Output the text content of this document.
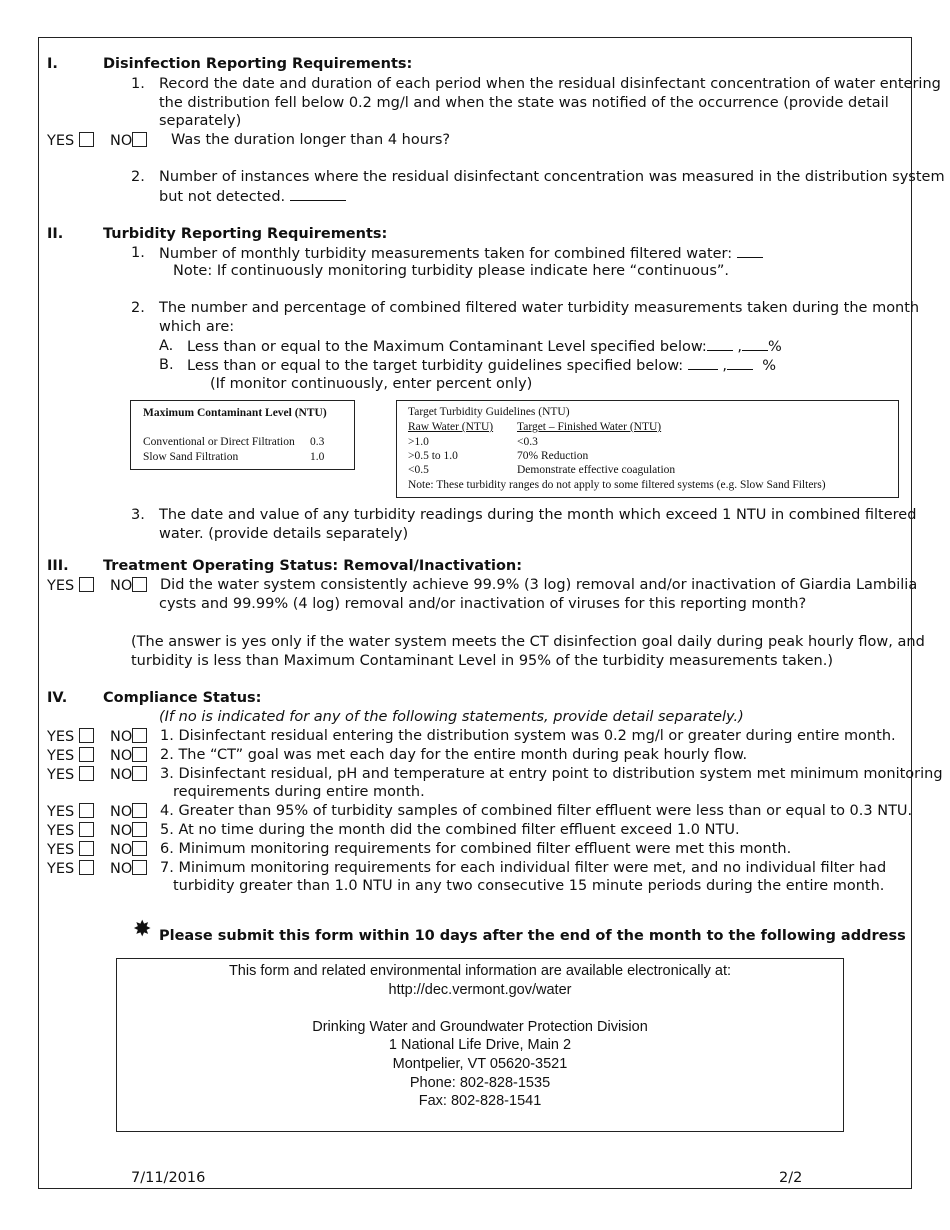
I.	Disinfection Reporting Requirements:
1. Record the date and duration of each period when the residual disinfectant concentration of water entering
the distribution fell below 0.2 mg/l and when the state was notified of the occurrence (provide detail
separately)
YES	NO	Was the duration longer than 4 hours?
2. Number of instances where the residual disinfectant concentration was measured in the distribution system
but not detected.
II.	Turbidity Reporting Requirements:
1. Number of monthly turbidity measurements taken for combined filtered water:
Note: If continuously monitoring turbidity please indicate here “continuous”.
2. The number and percentage of combined filtered water turbidity measurements taken during the month
which are:
A. Less than or equal to the Maximum Contaminant Level specified below: , %
B. Less than or equal to the target turbidity guidelines specified below:	, %
(If monitor continuously, enter percent only)
Maximum Contaminant Level (NTU)
Conventional or Direct Filtration 0.3
Slow Sand Filtration	1.0
Target Turbidity Guidelines (NTU)
Raw Water (NTU) Target – Finished Water (NTU)
>1.0	<0.3
>0.5 to 1.0	70% Reduction
<0.5	Demonstrate effective coagulation
Note: These turbidity ranges do not apply to some filtered systems (e.g. Slow Sand Filters)
3. The date and value of any turbidity readings during the month which exceed 1 NTU in combined filtered
water. (provide details separately)
III. Treatment Operating Status: Removal/Inactivation:
YES	NO	Did the water system consistently achieve 99.9% (3 log) removal and/or inactivation of Giardia Lambilia
cysts and 99.99% (4 log) removal and/or inactivation of viruses for this reporting month?
(The answer is yes only if the water system meets the CT disinfection goal daily during peak hourly flow, and
turbidity is less than Maximum Contaminant Level in 95% of the turbidity measurements taken.)
IV. Compliance Status:
(If no is indicated for any of the following statements, provide detail separately.)
YES	NO	1. Disinfectant residual entering the distribution system was 0.2 mg/l or greater during entire month.
YES	NO	2. The “CT” goal was met each day for the entire month during peak hourly flow.
YES	NO	3. Disinfectant residual, pH and temperature at entry point to distribution system met minimum monitoring
requirements during entire month.
YES	NO	4. Greater than 95% of turbidity samples of combined filter effluent were less than or equal to 0.3 NTU.
YES	NO	5. At no time during the month did the combined filter effluent exceed 1.0 NTU.
YES	NO	6. Minimum monitoring requirements for combined filter effluent were met this month.
YES	NO	7. Minimum monitoring requirements for each individual filter were met, and no individual filter had
turbidity greater than 1.0 NTU in any two consecutive 15 minute periods during the entire month.
✸ Please submit this form within 10 days after the end of the month to the following address
This form and related environmental information are available electronically at:
http://dec.vermont.gov/water
Drinking Water and Groundwater Protection Division
1 National Life Drive, Main 2
Montpelier, VT 05620-3521
Phone: 802-828-1535
Fax: 802-828-1541
7/11/2016	2/2
